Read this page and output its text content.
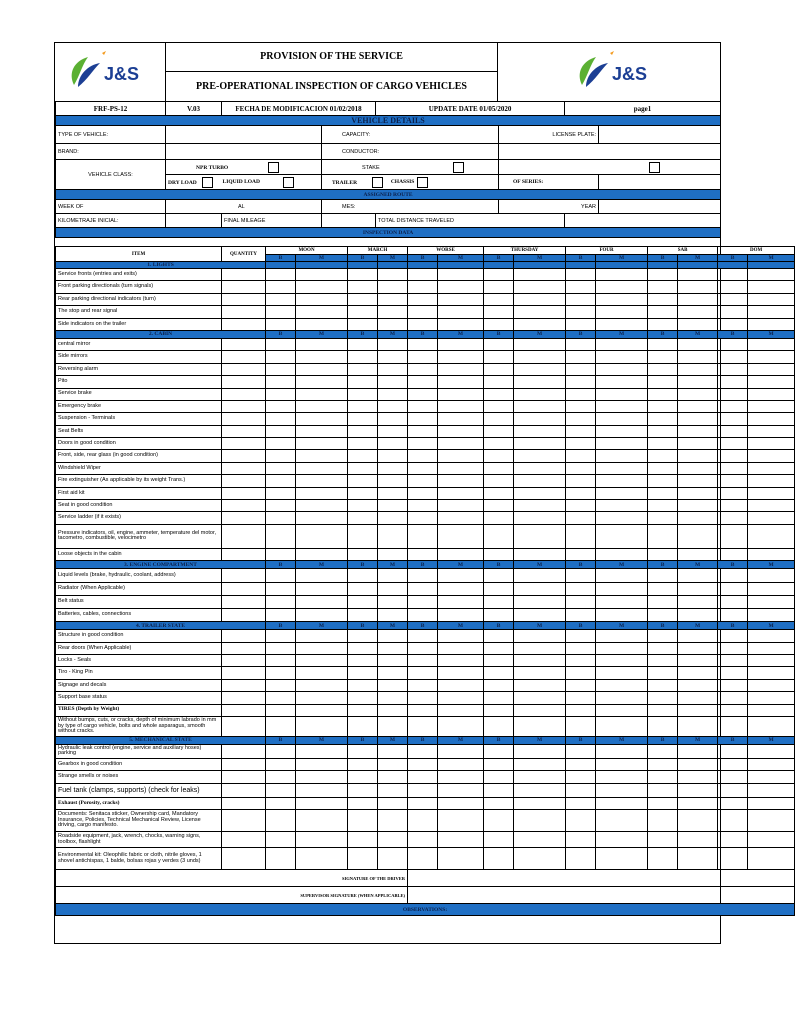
J&S
PROVISION OF THE SERVICE
PRE-OPERATIONAL INSPECTION OF CARGO VEHICLES
J&S
FRF-PS-12	V.03	FECHA DE MODIFICACION 01/02/2018		UPDATE DATE 01/05/2020		page1	
VEHICLE DETAILS							
TYPE OF VEHICLE:			CAPACITY:		LICENSE PLATE:		
BRAND:			CONDUCTOR:				
VEHICLE CLASS:	NPR TURBO		STAKE				
	DRY LOAD LIQUID LOAD		TRAILER CHASSIS		OF SERIES:		
ASSIGNED ROUTE							
WEEK OF	AL		MES:		YEAR		
KILOMETRAJE INICIAL:		FINAL MILEAGE		TOTAL DISTANCE TRAVELED			
INSPECTION DATA							
ITEM	QUANTITY	MOON		MARCH		WORSE		THURSDAY		FOUR		SAB		DOM	
		B	M	B	M	B	M	B	M	B	M	B	M	B	M
1. LIGHTS															
Service fronts (entries and exits)															
Front parking directionals (turn signals)															
Rear parking directional indicators (turn)															
The stop and rear signal															
Side indicators on the trailer															
2. CABIN		B	M	B	M	B	M	B	M	B	M	B	M	B	M
central mirror															
Side mirrors															
Reversing alarm															
Pito															
Service brake															
Emergency brake															
Suspension - Terminals															
Seat Belts															
Doors in good condition															
Front, side, rear glass (in good condition)															
Windshield Wiper															
Fire extinguisher (As applicable by its weight Trans.)															
First aid kit															
Seat in good condition															
Service ladder (if it exists)															
Pressure indicators, oil, engine, ammeter, temperature del motor, tacometro, combustible, velocimetro															
Loose objects in the cabin															
3. ENGINE COMPARTMENT		B	M	B	M	B	M	B	M	B	M	B	M	B	M
Liquid levels (brake, hydraulic, coolant, address)															
Radiator (When Applicable)															
Belt status															
Batteries, cables, connections															
4. TRAILER STATE		B	M	B	M	B	M	B	M	B	M	B	M	B	M
Structure in good condition															
Rear doors (When Applicable)															
Locks - Seals															
Tiro - King Pin															
Signage and decals															
Support base status															
TIRES (Depth by Weight)															
Without bumps, cuts, or cracks, depth of minimum labrado in mm by type of cargo vehicle, bolts and whole asparagus, smooth without cracks.															
5. MECHANICAL STATE		B	M	B	M	B	M	B	M	B	M	B	M	B	M
Hydraulic leak control (engine, service and auxiliary hoses) parking															
Gearbox in good condition															
Strange smells or noises															
Fuel tank (clamps, supports) (check for leaks)															
Exhaust (Porosity, cracks)															
Documents: Senitaca sticker, Ownership card, Mandatory Insurance, Policies, Technical Mechanical Review, License driving, cargo manifesto.															
Roadside equipment, jack, wrench, chocks, warning signs, toolbox, flashlight															
Environmental kit: Oleophilic fabric or cloth, nitrile gloves, 1 shovel antichispas, 1 balde, bolsas rojas y verdes (3 unds)															
SIGNATURE OF THE DRIVER															
SUPERVISOR SIGNATURE (WHEN APPLICABLE)															
OBSERVATIONS:															
